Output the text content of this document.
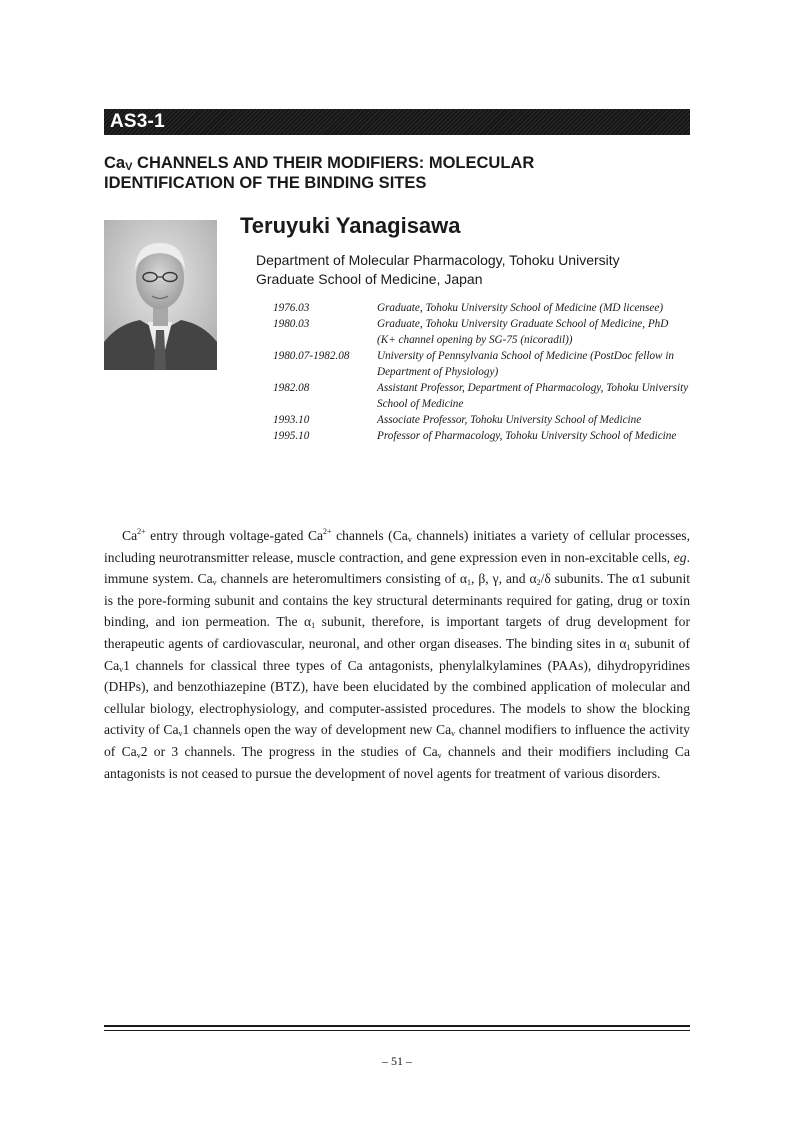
AS3-1
$Ca_V$ CHANNELS AND THEIR MODIFIERS: MOLECULAR
IDENTIFICATION OF THE BINDING SITES
Teruyuki Yanagisawa
Department of Molecular Pharmacology, Tohoku University
Graduate School of Medicine, Japan
1976.03	Graduate, Tohoku University School of Medicine (MD licensee)
1980.03	Graduate, Tohoku University Graduate School of Medicine, PhD (K+ channel opening by SG-75 (nicoradil))
1980.07-1982.08	University of Pennsylvania School of Medicine (PostDoc fellow in Department of Physiology)
1982.08	Assistant Professor, Department of Pharmacology, Tohoku University School of Medicine
1993.10	Associate Professor, Tohoku University School of Medicine
1995.10	Professor of Pharmacology, Tohoku University School of Medicine

$Ca^{2+}$ entry through voltage-gated $Ca^{2+}$ channels ($Ca_v$ channels) initiates a variety of cellular processes, including neurotransmitter release, muscle contraction, and gene expression even in non-excitable cells, eg. immune system. $Ca_v$ channels are heteromultimers consisting of $\alpha_1$, β, γ, and $\alpha_2/\delta$ subunits. The α1 subunit is the pore-forming subunit and contains the key structural determinants required for gating, drug or toxin binding, and ion permeation. The $\alpha_1$ subunit, therefore, is important targets of drug development for therapeutic agents of cardiovascular, neuronal, and other organ diseases. The binding sites in $\alpha_1$ subunit of $Ca_v1$ channels for classical three types of Ca antagonists, phenylalkylamines (PAAs), dihydropyridines (DHPs), and benzothiazepine (BTZ), have been elucidated by the combined application of molecular and cellular biology, electrophysiology, and computer-assisted procedures. The models to show the blocking activity of $Ca_v1$ channels open the way of development new $Ca_v$ channel modifiers to influence the activity of $Ca_v2$ or 3 channels. The progress in the studies of $Ca_v$ channels and their modifiers including Ca antagonists is not ceased to pursue the development of novel agents for treatment of various disorders.

– 51 –
